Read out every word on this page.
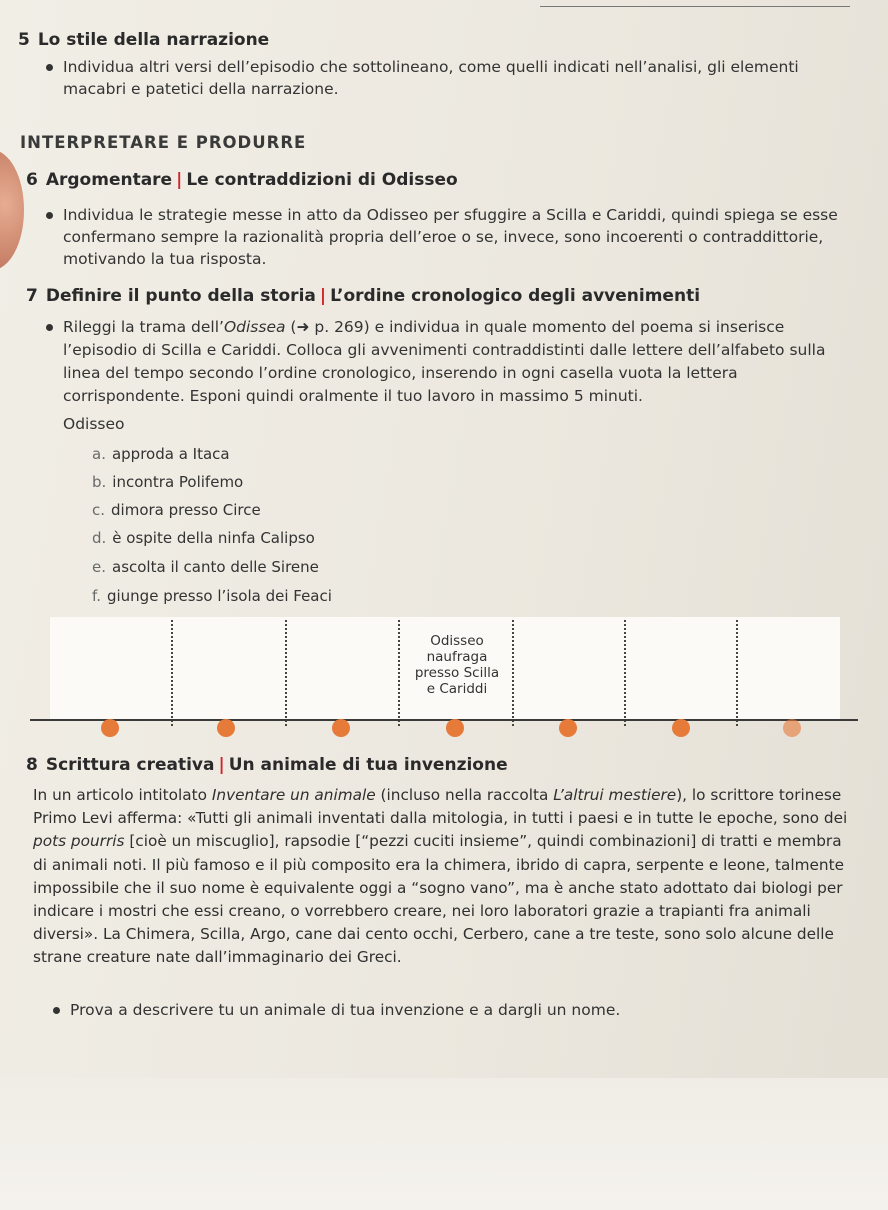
5 Lo stile della narrazione
Individua altri versi dell’episodio che sottolineano, come quelli indicati nell’analisi, gli elementi macabri e patetici della narrazione.
INTERPRETARE E PRODURRE
6 Argomentare | Le contraddizioni di Odisseo
Individua le strategie messe in atto da Odisseo per sfuggire a Scilla e Cariddi, quindi spiega se esse confermano sempre la razionalità propria dell’eroe o se, invece, sono incoerenti o contraddittorie, motivando la tua risposta.
7 Definire il punto della storia | L’ordine cronologico degli avvenimenti
Rileggi la trama dell’Odissea (➜ p. 269) e individua in quale momento del poema si inserisce l’episodio di Scilla e Cariddi. Colloca gli avvenimenti contraddistinti dalle lettere dell’alfabeto sulla linea del tempo secondo l’ordine cronologico, inserendo in ogni casella vuota la lettera corrispondente. Esponi quindi oralmente il tuo lavoro in massimo 5 minuti.
Odisseo
a. approda a Itaca
b. incontra Polifemo
c. dimora presso Circe
d. è ospite della ninfa Calipso
e. ascolta il canto delle Sirene
f. giunge presso l’isola dei Feaci
Odisseo
naufraga
presso Scilla
e Cariddi
8 Scrittura creativa | Un animale di tua invenzione
In un articolo intitolato Inventare un animale (incluso nella raccolta L’altrui mestiere), lo scrittore torinese Primo Levi afferma: «Tutti gli animali inventati dalla mitologia, in tutti i paesi e in tutte le epoche, sono dei pots pourris [cioè un miscuglio], rapsodie [“pezzi cuciti insieme”, quindi combinazioni] di tratti e membra di animali noti. Il più famoso e il più composito era la chimera, ibrido di capra, serpente e leone, talmente impossibile che il suo nome è equivalente oggi a “sogno vano”, ma è anche stato adottato dai biologi per indicare i mostri che essi creano, o vorrebbero creare, nei loro laboratori grazie a trapianti fra animali diversi». La Chimera, Scilla, Argo, cane dai cento occhi, Cerbero, cane a tre teste, sono solo alcune delle strane creature nate dall’immaginario dei Greci.
Prova a descrivere tu un animale di tua invenzione e a dargli un nome.
